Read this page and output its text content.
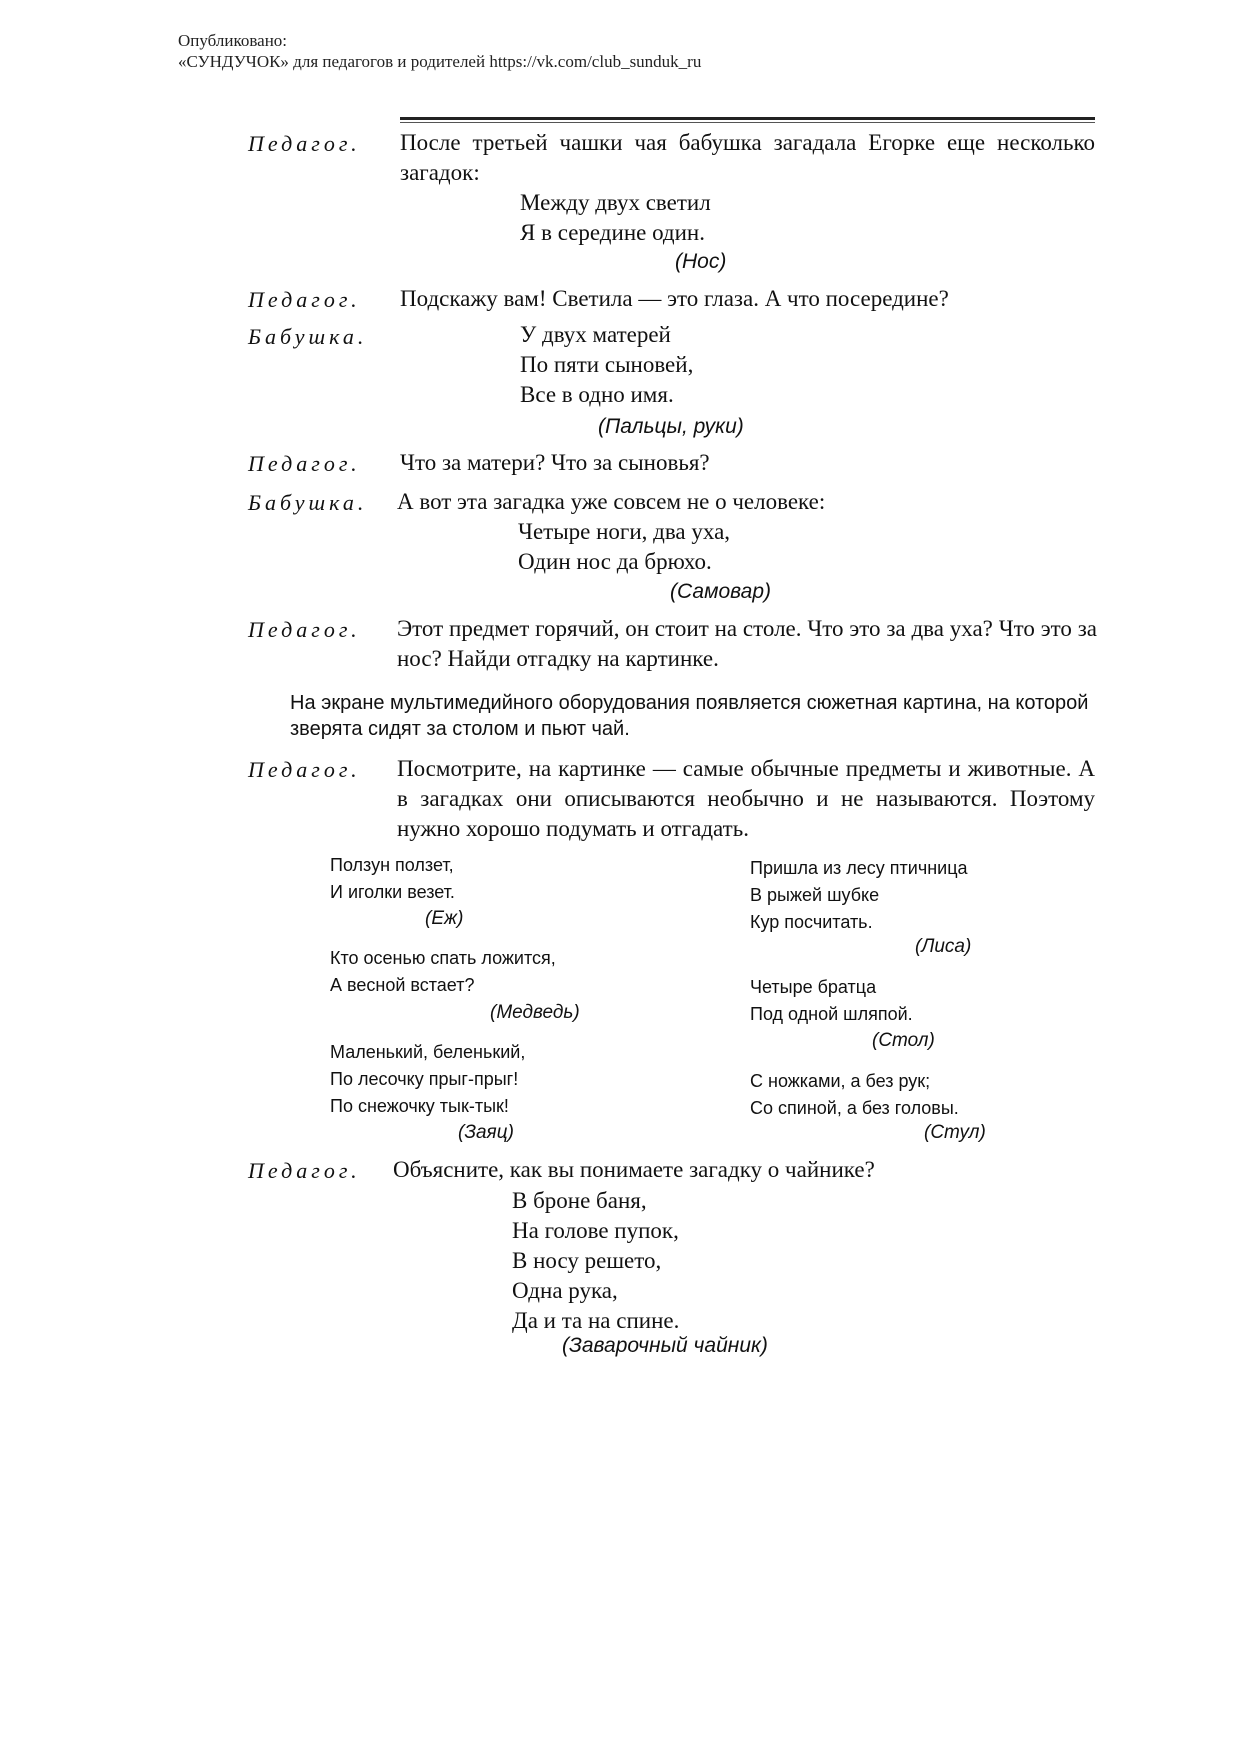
Опубликовано:
«СУНДУЧОК» для педагогов и родителей https://vk.com/club_sunduk_ru
Педагог. После третьей чашки чая бабушка загадала Егорке еще несколько загадок:
Между двух светил
Я в середине один.
(Нос)
Педагог. Подскажу вам! Светила — это глаза. А что посередине?
Бабушка.	У двух матерей
По пяти сыновей,
Все в одно имя.
(Пальцы, руки)
Педагог. Что за матери? Что за сыновья?
Бабушка. А вот эта загадка уже совсем не о человеке:
Четыре ноги, два уха,
Один нос да брюхо.
(Самовар)
Педагог. Этот предмет горячий, он стоит на столе. Что это за два уха? Что это за нос? Найди отгадку на картинке.
На экране мультимедийного оборудования появляется сюжетная картина, на которой зверята сидят за столом и пьют чай.
Педагог. Посмотрите, на картинке — самые обычные предметы и животные. А в загадках они описываются необычно и не называются. Поэтому нужно хорошо подумать и отгадать.
Ползун ползет,
И иголки везет.
(Еж)
Кто осенью спать ложится,
А весной встает?
(Медведь)
Маленький, беленький,
По лесочку прыг-прыг!
По снежочку тык-тык!
(Заяц)
Пришла из лесу птичница
В рыжей шубке
Кур посчитать.
(Лиса)
Четыре братца
Под одной шляпой.
(Стол)
С ножками, а без рук;
Со спиной, а без головы.
(Стул)
Педагог. Объясните, как вы понимаете загадку о чайнике?
В броне баня,
На голове пупок,
В носу решето,
Одна рука,
Да и та на спине.
(Заварочный чайник)
